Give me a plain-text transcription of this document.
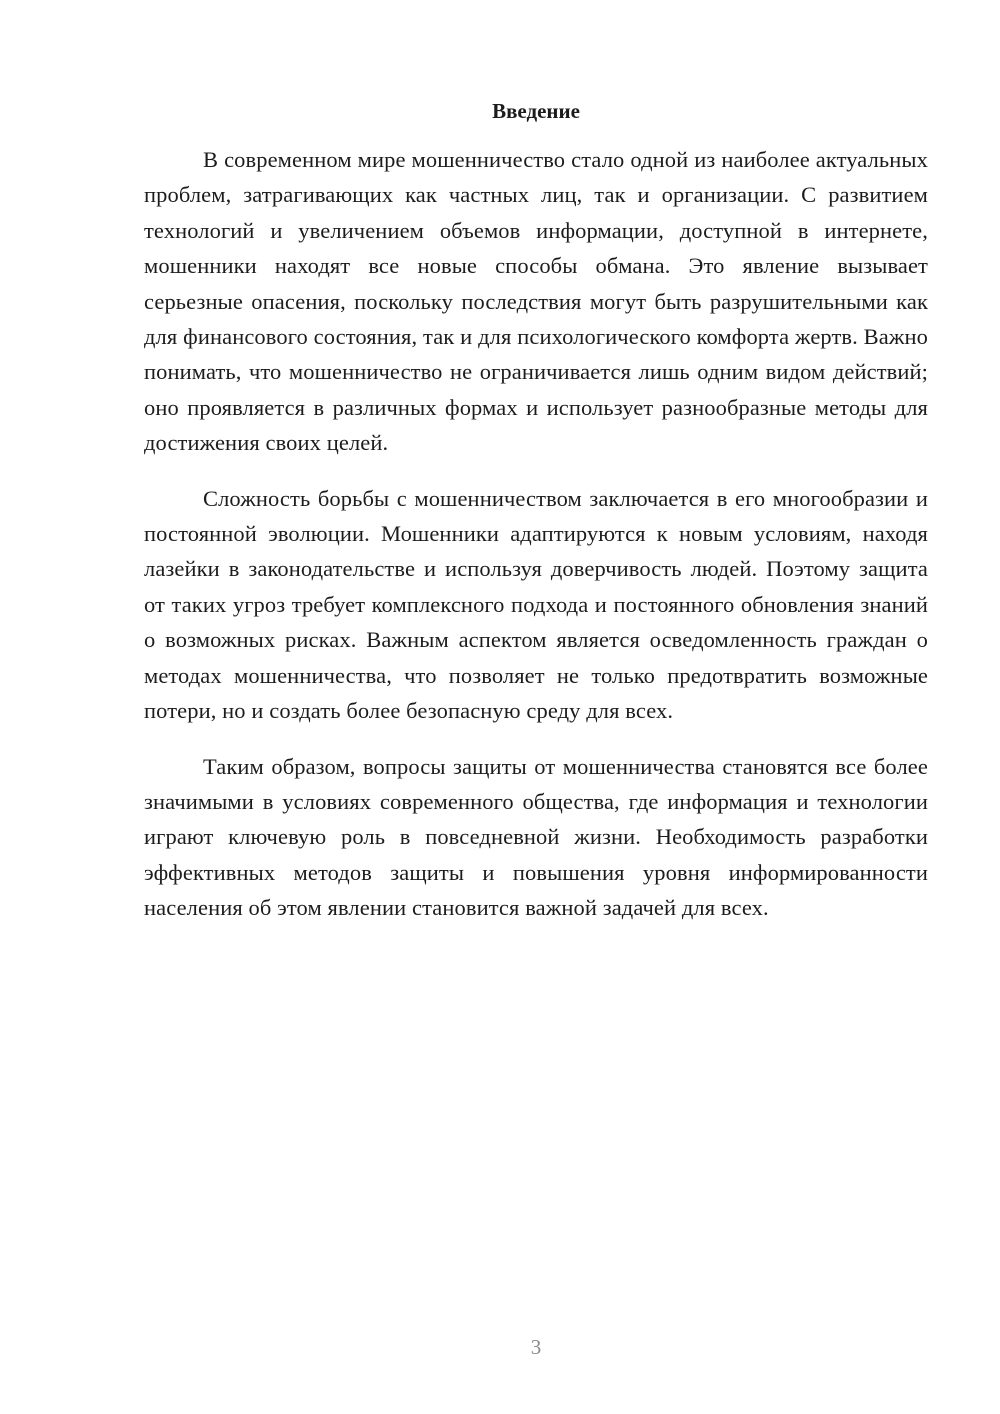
Введение

В современном мире мошенничество стало одной из наиболее актуальных проблем, затрагивающих как частных лиц, так и организации. С развитием технологий и увеличением объемов информации, доступной в интернете, мошенники находят все новые способы обмана. Это явление вызывает серьезные опасения, поскольку последствия могут быть разрушительными как для финансового состояния, так и для психологического комфорта жертв. Важно понимать, что мошенничество не ограничивается лишь одним видом действий; оно проявляется в различных формах и использует разнообразные методы для достижения своих целей.

Сложность борьбы с мошенничеством заключается в его многообразии и постоянной эволюции. Мошенники адаптируются к новым условиям, находя лазейки в законодательстве и используя доверчивость людей. Поэтому защита от таких угроз требует комплексного подхода и постоянного обновления знаний о возможных рисках. Важным аспектом является осведомленность граждан о методах мошенничества, что позволяет не только предотвратить возможные потери, но и создать более безопасную среду для всех.

Таким образом, вопросы защиты от мошенничества становятся все более значимыми в условиях современного общества, где информация и технологии играют ключевую роль в повседневной жизни. Необходимость разработки эффективных методов защиты и повышения уровня информированности населения об этом явлении становится важной задачей для всех.

3
